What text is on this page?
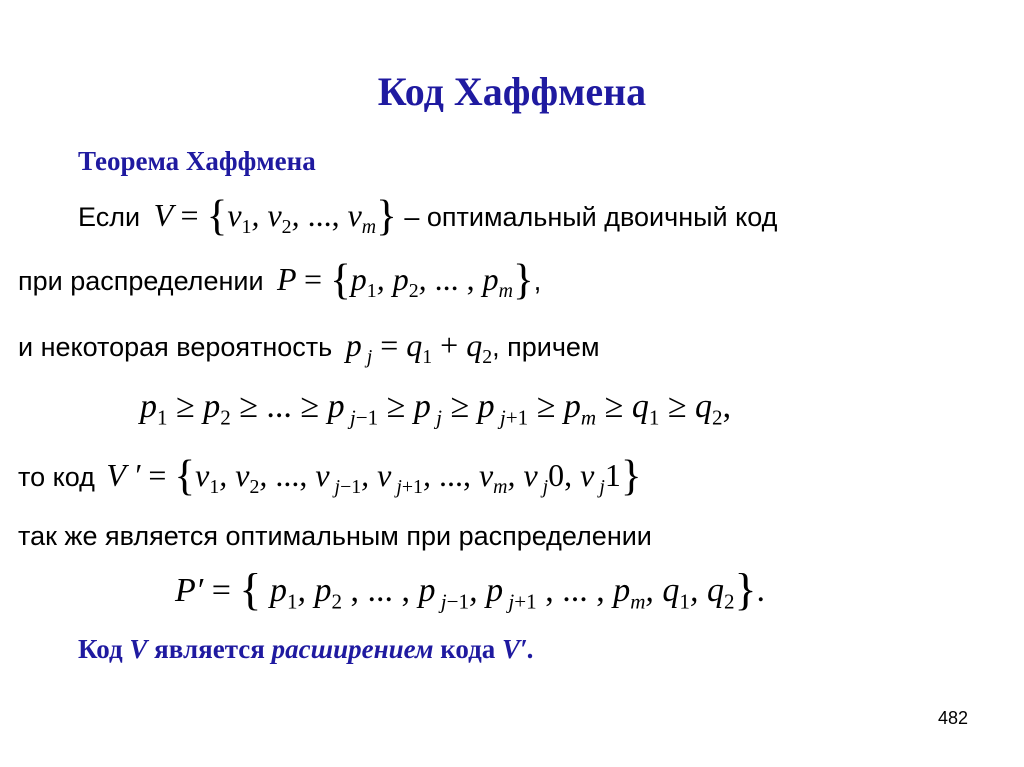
Код Хаффмена
Теорема Хаффмена
Если $V = \{v_1$, $v_2$, ..., $v_m$} – оптимальный двоичный код
при распределении $P = \{p_1$, $p_2$, ... , $p_m$},
и некоторая вероятность p $_j = q_1 + q_2$, причем
$p_1 \ge p_2$ ≥ ... ≥ p $_{j-1}$ ≥ p $_j$ ≥ p $_{j+1} \ge p_m \ge q_1 \ge q_2$,
то код V ′ = {$v_1$, $v_2$, ..., v $_{j-1}$, v $_{j+1}$, ..., $v_m$, v $_j$0, v $_j$1}
так же является оптимальным при распределении
P′ = { $p_1$, $p_2$ , ... , p $_{j-1}$, p $_{j+1}$ , ... , $p_m$, $q_1$, $q_2$}.
Код V является расширением кода V′.
482
